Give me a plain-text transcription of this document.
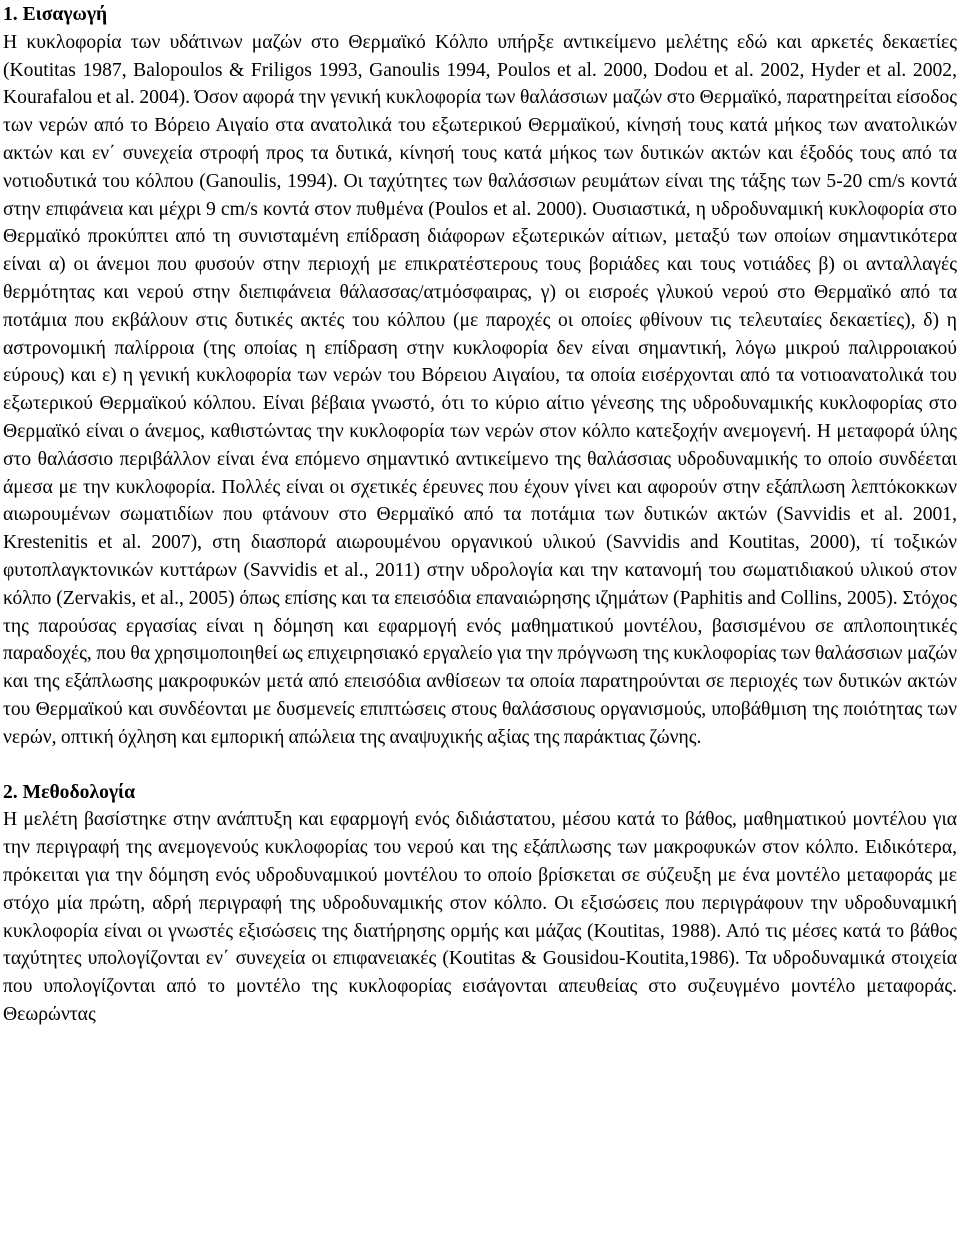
1. Εισαγωγή

Η κυκλοφορία των υδάτινων μαζών στο Θερμαϊκό Κόλπο υπήρξε αντικείμενο μελέτης εδώ και αρκετές δεκαετίες (Koutitas 1987, Balopoulos & Friligos 1993, Ganoulis 1994, Poulos et al. 2000, Dodou et al. 2002, Hyder et al. 2002, Kourafalou et al. 2004). Όσον αφορά την γενική κυκλοφορία των θαλάσσιων μαζών στο Θερμαϊκό, παρατηρείται είσοδος των νερών από το Βόρειο Αιγαίο στα ανατολικά του εξωτερικού Θερμαϊκού, κίνησή τους κατά μήκος των ανατολικών ακτών και εν΄ συνεχεία στροφή προς τα δυτικά, κίνησή τους κατά μήκος των δυτικών ακτών και έξοδός τους από τα νοτιοδυτικά του κόλπου (Ganoulis, 1994). Οι ταχύτητες των θαλάσσιων ρευμάτων είναι της τάξης των 5-20 cm/s κοντά στην επιφάνεια και μέχρι 9 cm/s κοντά στον πυθμένα (Poulos et al. 2000). Ουσιαστικά, η υδροδυναμική κυκλοφορία στο Θερμαϊκό προκύπτει από τη συνισταμένη επίδραση διάφορων εξωτερικών αίτιων, μεταξύ των οποίων σημαντικότερα είναι α) οι άνεμοι που φυσούν στην περιοχή με επικρατέστερους τους βοριάδες και τους νοτιάδες β) οι ανταλλαγές θερμότητας και νερού στην διεπιφάνεια θάλασσας/ατμόσφαιρας, γ) οι εισροές γλυκού νερού στο Θερμαϊκό από τα ποτάμια που εκβάλουν στις δυτικές ακτές του κόλπου (με παροχές οι οποίες φθίνουν τις τελευταίες δεκαετίες), δ) η αστρονομική παλίρροια (της οποίας η επίδραση στην κυκλοφορία δεν είναι σημαντική, λόγω μικρού παλιρροιακού εύρους) και ε) η γενική κυκλοφορία των νερών του Βόρειου Αιγαίου, τα οποία εισέρχονται από τα νοτιοανατολικά του εξωτερικού Θερμαϊκού κόλπου. Είναι βέβαια γνωστό, ότι το κύριο αίτιο γένεσης της υδροδυναμικής κυκλοφορίας στο Θερμαϊκό είναι ο άνεμος, καθιστώντας την κυκλοφορία των νερών στον κόλπο κατεξοχήν ανεμογενή. Η μεταφορά ύλης στο θαλάσσιο περιβάλλον είναι ένα επόμενο σημαντικό αντικείμενο της θαλάσσιας υδροδυναμικής το οποίο συνδέεται άμεσα με την κυκλοφορία. Πολλές είναι οι σχετικές έρευνες που έχουν γίνει και αφορούν στην εξάπλωση λεπτόκοκκων αιωρουμένων σωματιδίων που φτάνουν στο Θερμαϊκό από τα ποτάμια των δυτικών ακτών (Savvidis et al. 2001, Krestenitis et al. 2007), στη διασπορά αιωρουμένου οργανικού υλικού (Savvidis and Koutitas, 2000), τί τοξικών φυτοπλαγκτονικών κυττάρων (Savvidis et al., 2011) στην υδρολογία και την κατανομή του σωματιδιακού υλικού στον κόλπο (Zervakis, et al., 2005) όπως επίσης και τα επεισόδια επαναιώρησης ιζημάτων (Paphitis and Collins, 2005). Στόχος της παρούσας εργασίας είναι η δόμηση και εφαρμογή ενός μαθηματικού μοντέλου, βασισμένου σε απλοποιητικές παραδοχές, που θα χρησιμοποιηθεί ως επιχειρησιακό εργαλείο για την πρόγνωση της κυκλοφορίας των θαλάσσιων μαζών και της εξάπλωσης μακροφυκών μετά από επεισόδια ανθίσεων τα οποία παρατηρούνται σε περιοχές των δυτικών ακτών του Θερμαϊκού και συνδέονται με δυσμενείς επιπτώσεις στους θαλάσσιους οργανισμούς, υποβάθμιση της ποιότητας των νερών, οπτική όχληση και εμπορική απώλεια της αναψυχικής αξίας της παράκτιας ζώνης.

2. Μεθοδολογία

Η μελέτη βασίστηκε στην ανάπτυξη και εφαρμογή ενός διδιάστατου, μέσου κατά το βάθος, μαθηματικού μοντέλου για την περιγραφή της ανεμογενούς κυκλοφορίας του νερού και της εξάπλωσης των μακροφυκών στον κόλπο. Ειδικότερα, πρόκειται για την δόμηση ενός υδροδυναμικού μοντέλου το οποίο βρίσκεται σε σύζευξη με ένα μοντέλο μεταφοράς με στόχο μία πρώτη, αδρή περιγραφή της υδροδυναμικής στον κόλπο. Οι εξισώσεις που περιγράφουν την υδροδυναμική κυκλοφορία είναι οι γνωστές εξισώσεις της διατήρησης ορμής και μάζας (Koutitas, 1988). Από τις μέσες κατά το βάθος ταχύτητες υπολογίζονται εν΄ συνεχεία οι επιφανειακές (Koutitas & Gousidou-Koutita,1986). Τα υδροδυναμικά στοιχεία που υπολογίζονται από το μοντέλο της κυκλοφορίας εισάγονται απευθείας στο συζευγμένο μοντέλο μεταφοράς. Θεωρώντας
